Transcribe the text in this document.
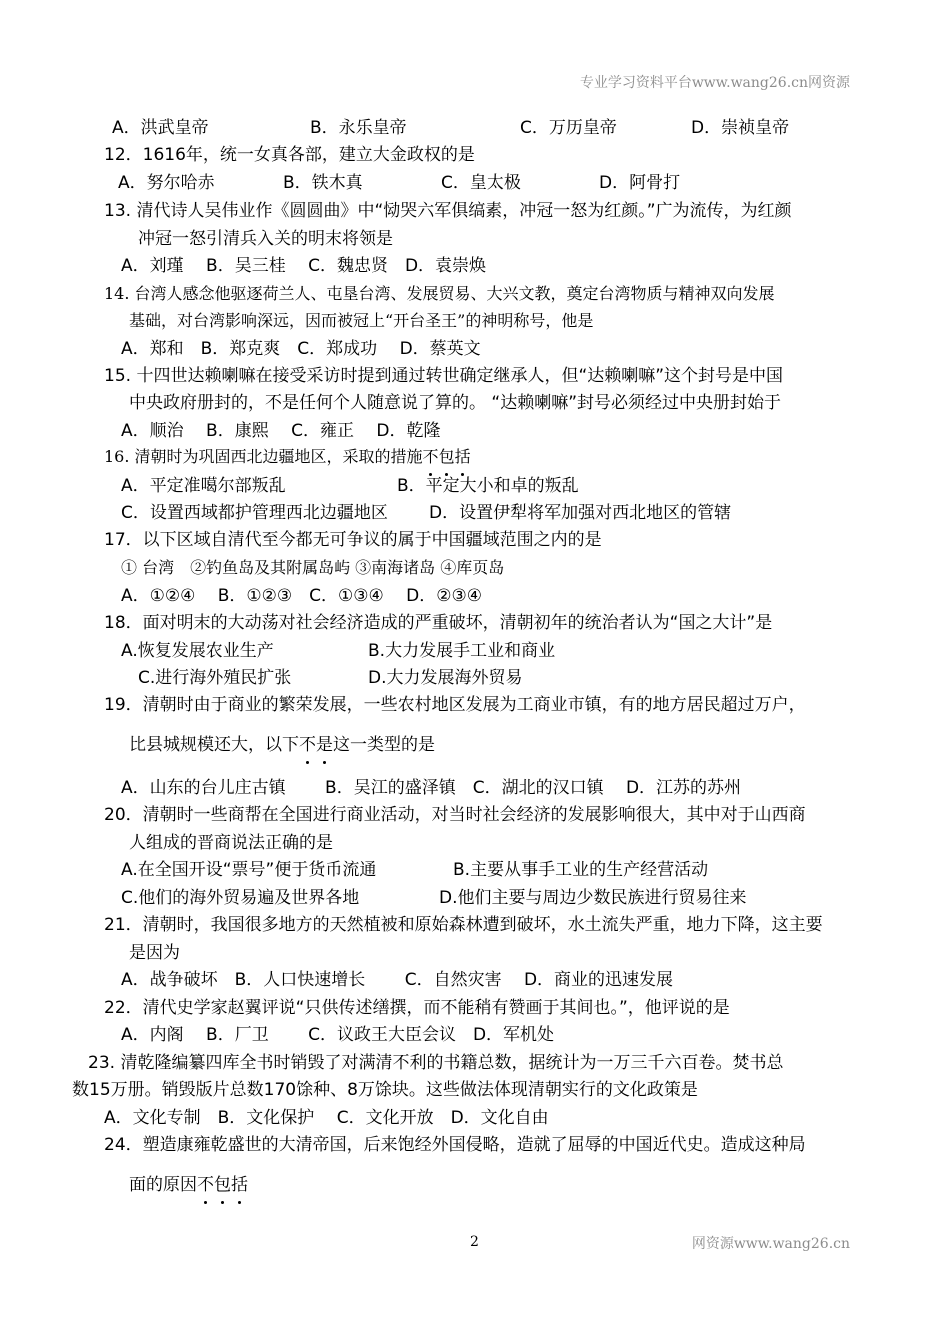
专业学习资料平台www.wang26.cn网资源
A．洪武皇帝	B．永乐皇帝	C．万历皇帝	D．崇祯皇帝
12．1616年，统一女真各部，建立大金政权的是
A．努尔哈赤	B．铁木真	C．皇太极	D．阿骨打
13. 清代诗人吴伟业作《圆圆曲》中“恸哭六军俱缟素，冲冠一怒为红颜。”广为流传，为红颜
冲冠一怒引清兵入关的明末将领是
A．刘瑾　 B．吴三桂　 C．魏忠贤　D．袁崇焕
14. 台湾人感念他驱逐荷兰人、屯垦台湾、发展贸易、大兴文教，奠定台湾物质与精神双向发展
基础，对台湾影响深远，因而被冠上“开台圣王”的神明称号，他是
A．郑和　B．郑克爽　C．郑成功　 D．蔡英文
15. 十四世达赖喇嘛在接受采访时提到通过转世确定继承人，但“达赖喇嘛”这个封号是中国
中央政府册封的，不是任何个人随意说了算的。 “达赖喇嘛”封号必须经过中央册封始于
A．顺治　 B．康熙　 C．雍正　 D．乾隆
16. 清朝时为巩固西北边疆地区，采取的措施不包括
A．平定准噶尔部叛乱	B．平定大小和卓的叛乱
C．设置西域都护管理西北边疆地区 D．设置伊犁将军加强对西北地区的管辖
17．以下区域自清代至今都无可争议的属于中国疆域范围之内的是
① 台湾　②钓鱼岛及其附属岛屿 ③南海诸岛 ④库页岛
A．①②④　 B．①②③　C．①③④　 D．②③④
18．面对明末的大动荡对社会经济造成的严重破坏，清朝初年的统治者认为“国之大计”是
A.恢复发展农业生产	B.大力发展手工业和商业
C.进行海外殖民扩张	D.大力发展海外贸易
19．清朝时由于商业的繁荣发展，一些农村地区发展为工商业市镇，有的地方居民超过万户，
比县城规模还大，以下不是这一类型的是
A．山东的台儿庄古镇　　 B．吴江的盛泽镇　C．湖北的汉口镇　 D．江苏的苏州
20．清朝时一些商帮在全国进行商业活动，对当时社会经济的发展影响很大，其中对于山西商
人组成的晋商说法正确的是
A.在全国开设“票号”便于货币流通	B.主要从事手工业的生产经营活动
C.他们的海外贸易遍及世界各地	D.他们主要与周边少数民族进行贸易往来
21．清朝时，我国很多地方的天然植被和原始森林遭到破坏，水土流失严重，地力下降，这主要
是因为
A．战争破坏　B．人口快速增长　　 C．自然灾害　 D．商业的迅速发展
22．清代史学家赵翼评说“只供传述缮撰，而不能稍有赞画于其间也。”，他评说的是
A．内阁　 B．厂卫　　 C．议政王大臣会议　D．军机处
23. 清乾隆编纂四库全书时销毁了对满清不利的书籍总数，据统计为一万三千六百卷。焚书总
数15万册。销毁版片总数170馀种、8万馀块。这些做法体现清朝实行的文化政策是
A．文化专制　B．文化保护　 C．文化开放　D．文化自由
24．塑造康雍乾盛世的大清帝国，后来饱经外国侵略，造就了屈辱的中国近代史。造成这种局
面的原因不包括
2	网资源www.wang26.cn
